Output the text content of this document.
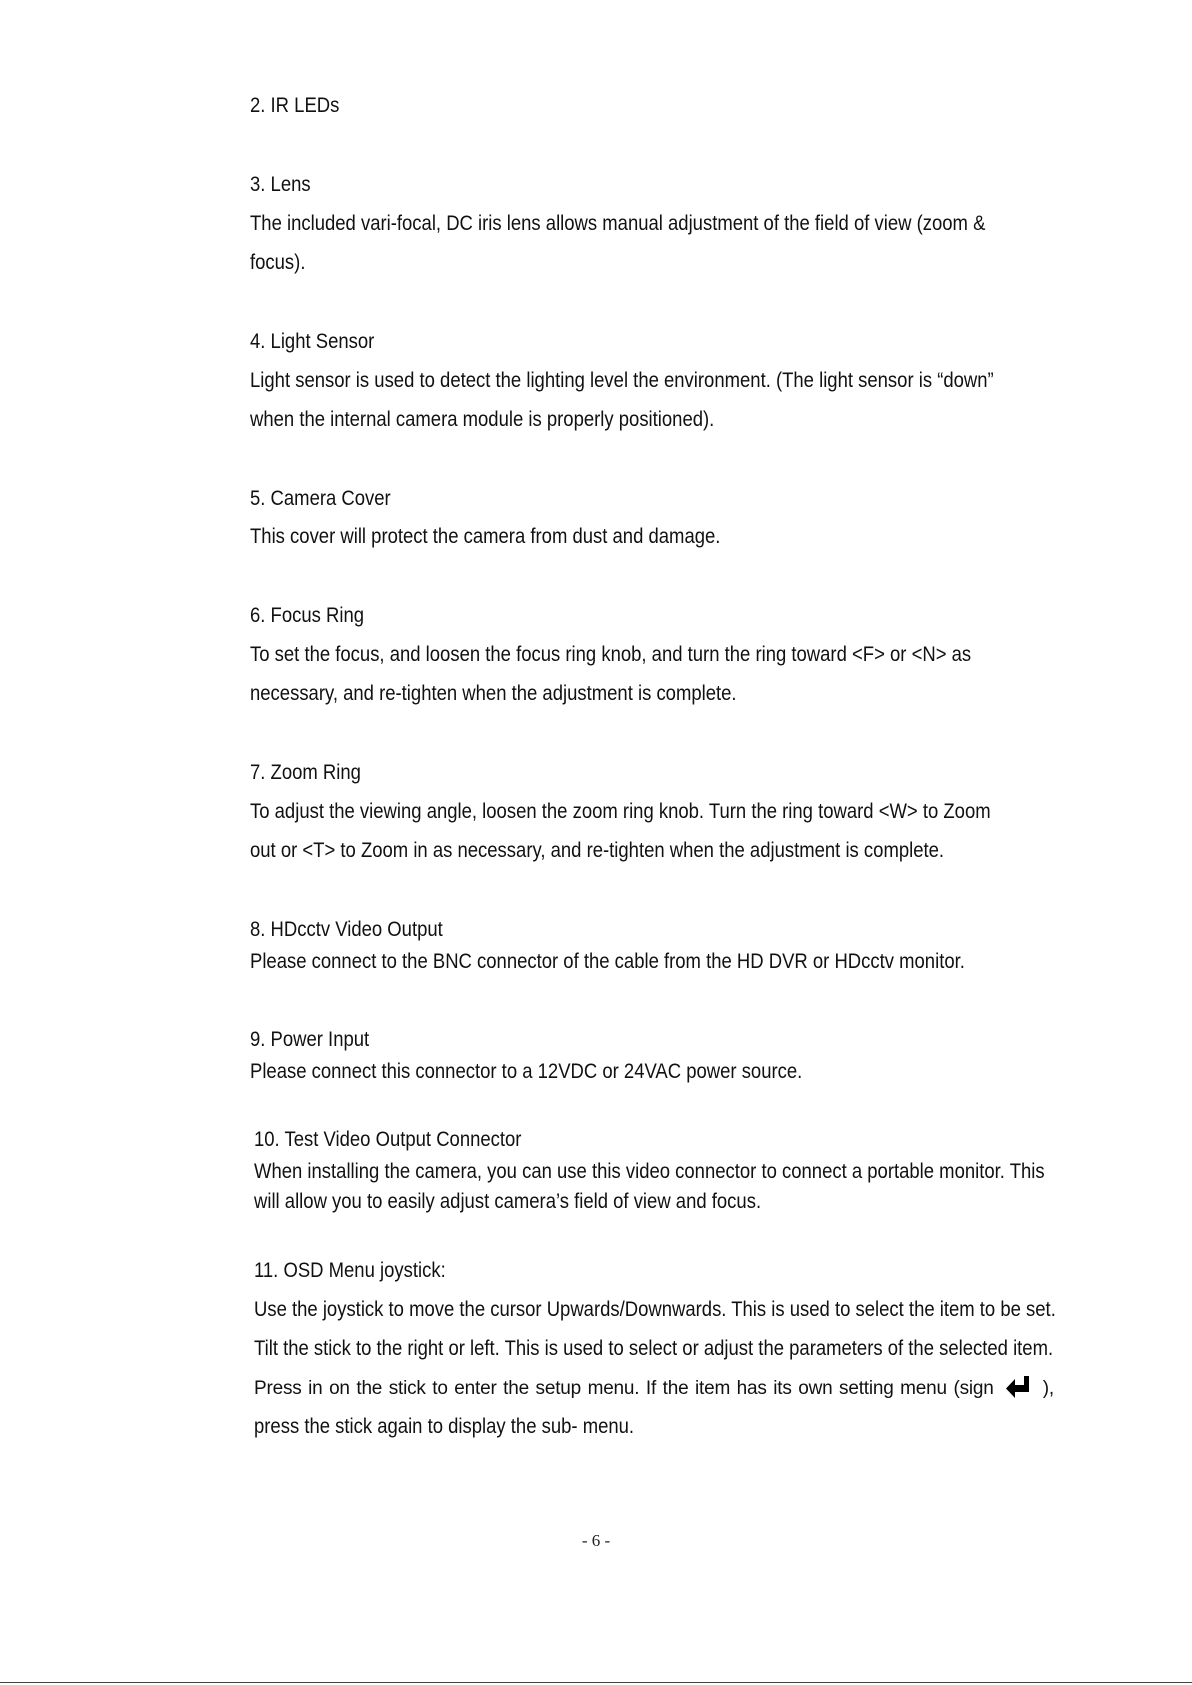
2. IR LEDs

3. Lens

The included vari-focal, DC iris lens allows manual adjustment of the field of view (zoom &

focus).

4. Light Sensor

Light sensor is used to detect the lighting level the environment. (The light sensor is “down”

when the internal camera module is properly positioned).

5. Camera Cover

This cover will protect the camera from dust and damage.

6. Focus Ring

To set the focus, and loosen the focus ring knob, and turn the ring toward <F> or <N> as

necessary, and re-tighten when the adjustment is complete.

7. Zoom Ring

To adjust the viewing angle, loosen the zoom ring knob. Turn the ring toward <W> to Zoom

out or <T> to Zoom in as necessary, and re-tighten when the adjustment is complete.

8. HDcctv Video Output

Please connect to the BNC connector of the cable from the HD DVR or HDcctv monitor.

9. Power Input

Please connect this connector to a 12VDC or 24VAC power source.

10. Test Video Output Connector

When installing the camera, you can use this video connector to connect a portable monitor. This

will allow you to easily adjust camera’s field of view and focus.

11. OSD Menu joystick:

Use the joystick to move the cursor Upwards/Downwards. This is used to select the item to be set.

Tilt the stick to the right or left. This is used to select or adjust the parameters of the selected item.

Press in on the stick to enter the setup menu. If the item has its own setting menu (sign	),

press the stick again to display the sub- menu.

- 6 -
